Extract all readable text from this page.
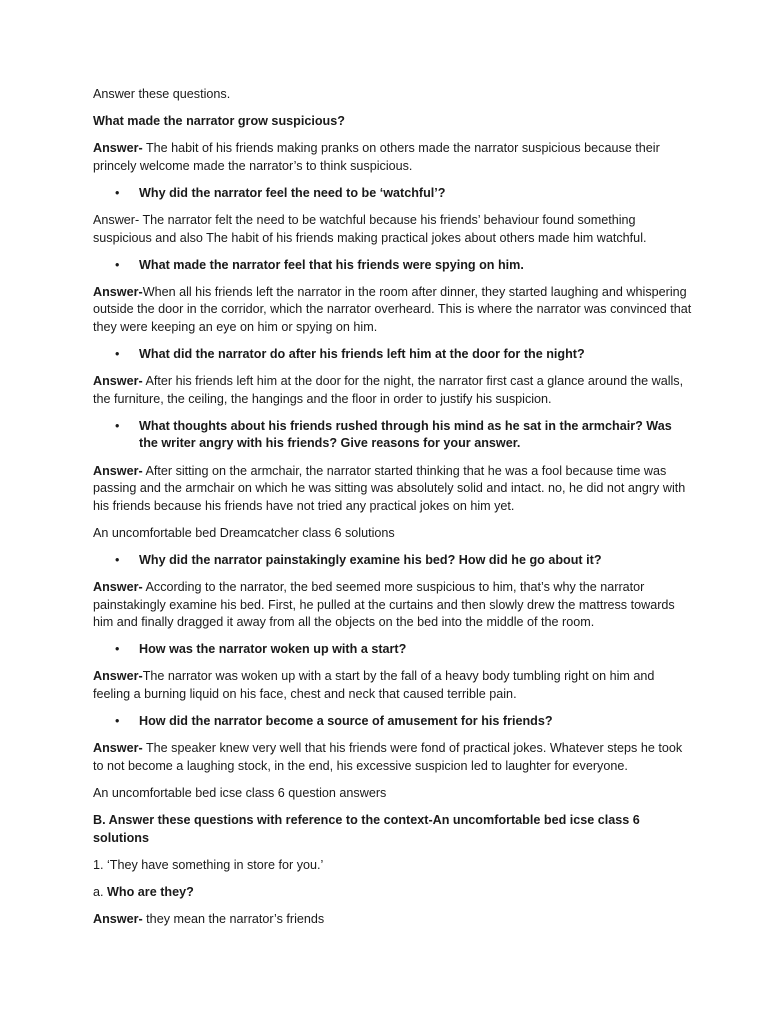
Answer these questions.

What made the narrator grow suspicious?

Answer- The habit of his friends making pranks on others made the narrator suspicious because their princely welcome made the narrator’s to think suspicious.

• Why did the narrator feel the need to be ‘watchful’?

Answer- The narrator felt the need to be watchful because his friends’ behaviour found something suspicious and also The habit of his friends making practical jokes about others made him watchful.

• What made the narrator feel that his friends were spying on him.

Answer-When all his friends left the narrator in the room after dinner, they started laughing and whispering outside the door in the corridor, which the narrator overheard. This is where the narrator was convinced that they were keeping an eye on him or spying on him.

• What did the narrator do after his friends left him at the door for the night?

Answer- After his friends left him at the door for the night, the narrator first cast a glance around the walls, the furniture, the ceiling, the hangings and the floor in order to justify his suspicion.

• What thoughts about his friends rushed through his mind as he sat in the armchair? Was the writer angry with his friends? Give reasons for your answer.

Answer- After sitting on the armchair, the narrator started thinking that he was a fool because time was passing and the armchair on which he was sitting was absolutely solid and intact. no, he did not angry with his friends because his friends have not tried any practical jokes on him yet.

An uncomfortable bed Dreamcatcher class 6 solutions

• Why did the narrator painstakingly examine his bed? How did he go about it?

Answer- According to the narrator, the bed seemed more suspicious to him, that’s why the narrator painstakingly examine his bed. First, he pulled at the curtains and then slowly drew the mattress towards him and finally dragged it away from all the objects on the bed into the middle of the room.

• How was the narrator woken up with a start?

Answer-The narrator was woken up with a start by the fall of a heavy body tumbling right on him and feeling a burning liquid on his face, chest and neck that caused terrible pain.

• How did the narrator become a source of amusement for his friends?

Answer- The speaker knew very well that his friends were fond of practical jokes. Whatever steps he took to not become a laughing stock, in the end, his excessive suspicion led to laughter for everyone.

An uncomfortable bed icse class 6 question answers

B. Answer these questions with reference to the context-An uncomfortable bed icse class 6 solutions

1. ‘They have something in store for you.’

a. Who are they?

Answer- they mean the narrator’s friends
